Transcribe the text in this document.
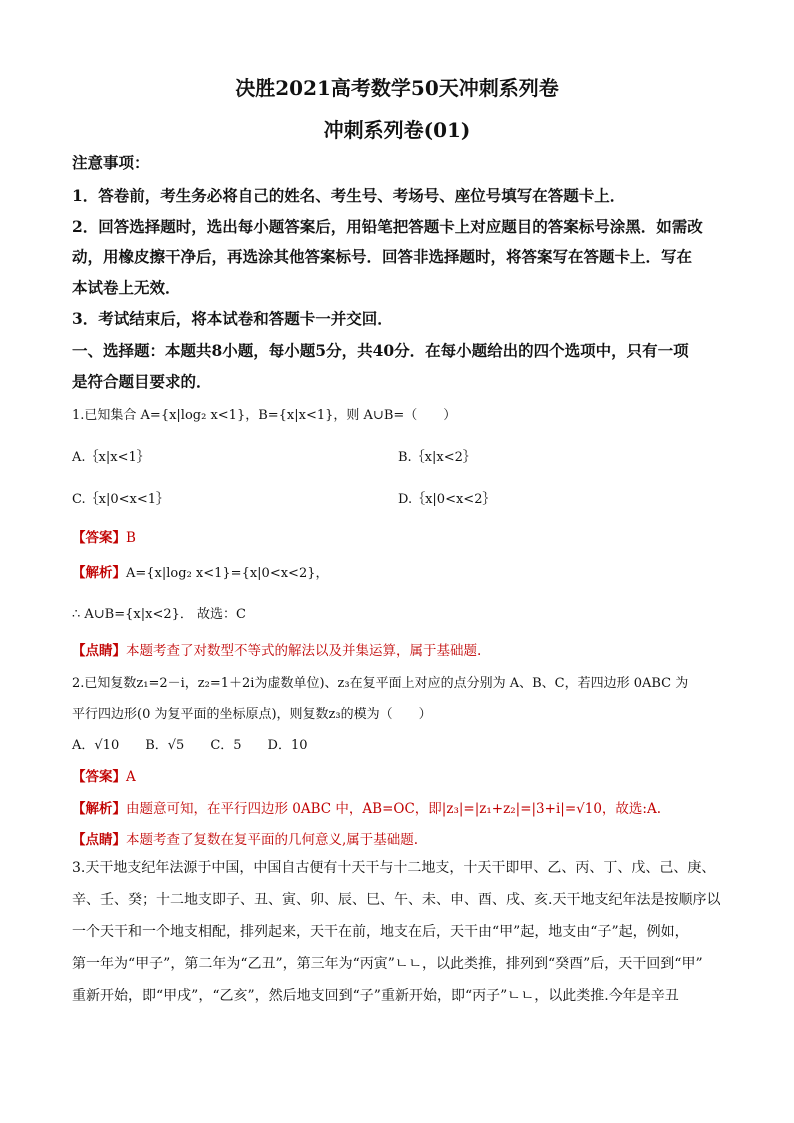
决胜2021高考数学50天冲刺系列卷
冲刺系列卷(01)
注意事项：
1．答卷前，考生务必将自己的姓名、考生号、考场号、座位号填写在答题卡上．
2．回答选择题时，选出每小题答案后，用铅笔把答题卡上对应题目的答案标号涂黑．如需改
动，用橡皮擦干净后，再选涂其他答案标号．回答非选择题时，将答案写在答题卡上．写在
本试卷上无效．
3．考试结束后，将本试卷和答题卡一并交回．
一、选择题：本题共8小题，每小题5分，共40分．在每小题给出的四个选项中，只有一项
是符合题目要求的．
1.已知集合 A={x|log₂ x<1}，B={x|x<1}，则 A∪B=（　　）
A.｛x|x<1｝	B.｛x|x<2｝
C.｛x|0<x<1｝	D.｛x|0<x<2｝
【答案】B
【解析】A={x|log₂ x<1}={x|0<x<2}，
∴ A∪B={x|x<2}． 故选：C
【点睛】本题考查了对数型不等式的解法以及并集运算，属于基础题.
2.已知复数z₁=2－i，z₂=1＋2i为虚数单位)、z₃在复平面上对应的点分别为 A、B、C，若四边形 0ABC 为
平行四边形(0 为复平面的坐标原点)，则复数z₃的模为（　　）
A．√10　　B．√5　　C．5　　D．10
【答案】A
【解析】由题意可知，在平行四边形 0ABC 中，AB=OC，即|z₃|=|z₁+z₂|=|3+i|=√10，故选:A.
【点睛】本题考查了复数在复平面的几何意义,属于基础题.
3.天干地支纪年法源于中国，中国自古便有十天干与十二地支，十天干即甲、乙、丙、丁、戊、己、庚、
辛、壬、癸；十二地支即子、丑、寅、卯、辰、巳、午、未、申、酉、戌、亥.天干地支纪年法是按顺序以
一个天干和一个地支相配，排列起来，天干在前，地支在后，天干由“甲”起，地支由“子”起，例如，
第一年为“甲子”，第二年为“乙丑”，第三年为“丙寅”ㄴㄴ，以此类推，排列到“癸酉”后，天干回到“甲”
重新开始，即“甲戌”，“乙亥”，然后地支回到“子”重新开始，即“丙子”ㄴㄴ，以此类推.今年是辛丑
